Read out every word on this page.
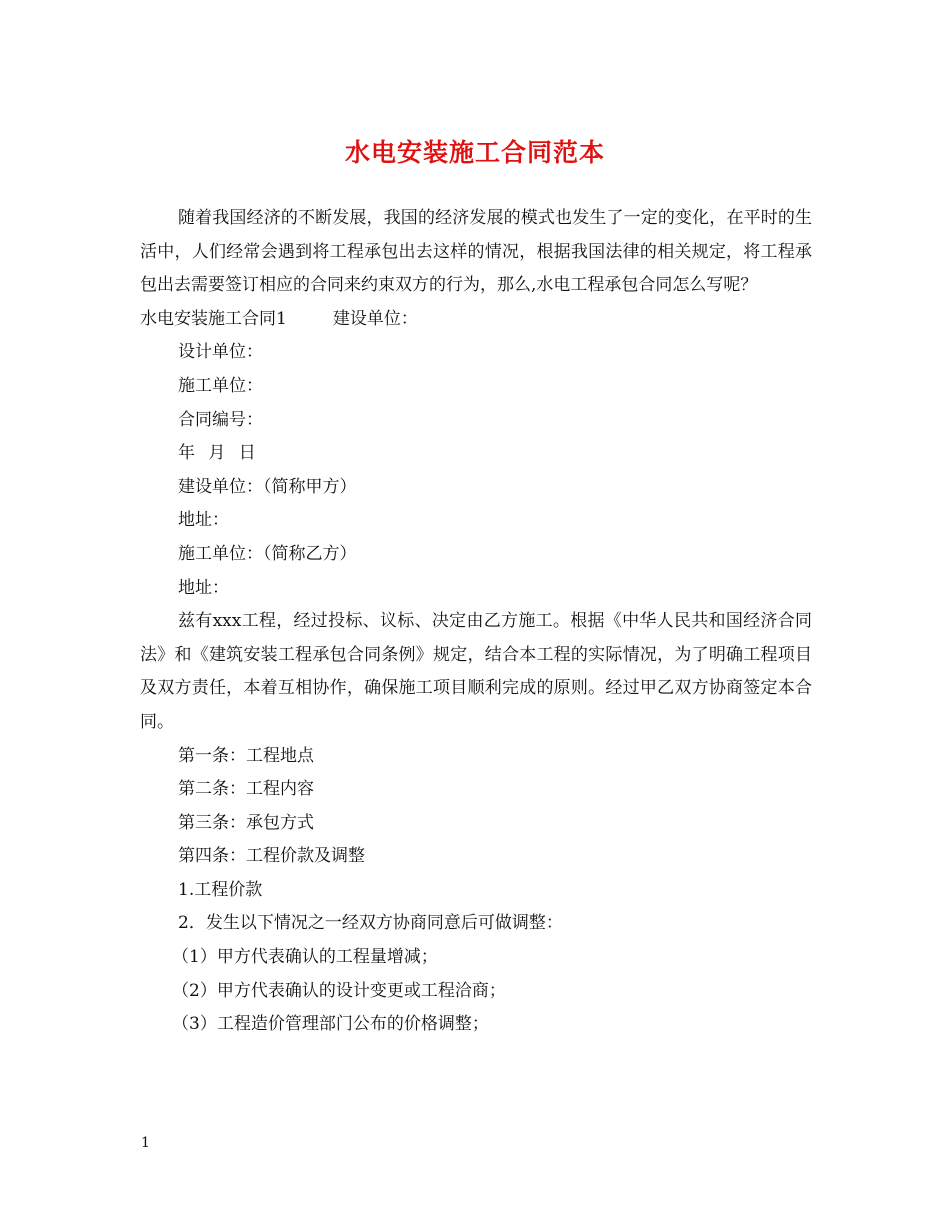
水电安装施工合同范本

随着我国经济的不断发展，我国的经济发展的模式也发生了一定的变化，在平时的生活中，人们经常会遇到将工程承包出去这样的情况，根据我国法律的相关规定，将工程承包出去需要签订相应的合同来约束双方的行为，那么,水电工程承包合同怎么写呢？

水电安装施工合同1	建设单位：

设计单位：

施工单位：

合同编号：

年 月 日

建设单位：（简称甲方）

地址：

施工单位：（简称乙方）

地址：

兹有xxx工程，经过投标、议标、决定由乙方施工。根据《中华人民共和国经济合同法》和《建筑安装工程承包合同条例》规定，结合本工程的实际情况，为了明确工程项目及双方责任，本着互相协作，确保施工项目顺利完成的原则。经过甲乙双方协商签定本合同。

第一条：工程地点

第二条：工程内容

第三条：承包方式

第四条：工程价款及调整

1.工程价款

2．发生以下情况之一经双方协商同意后可做调整：

（1）甲方代表确认的工程量增减；

（2）甲方代表确认的设计变更或工程洽商；

（3）工程造价管理部门公布的价格调整；

1
